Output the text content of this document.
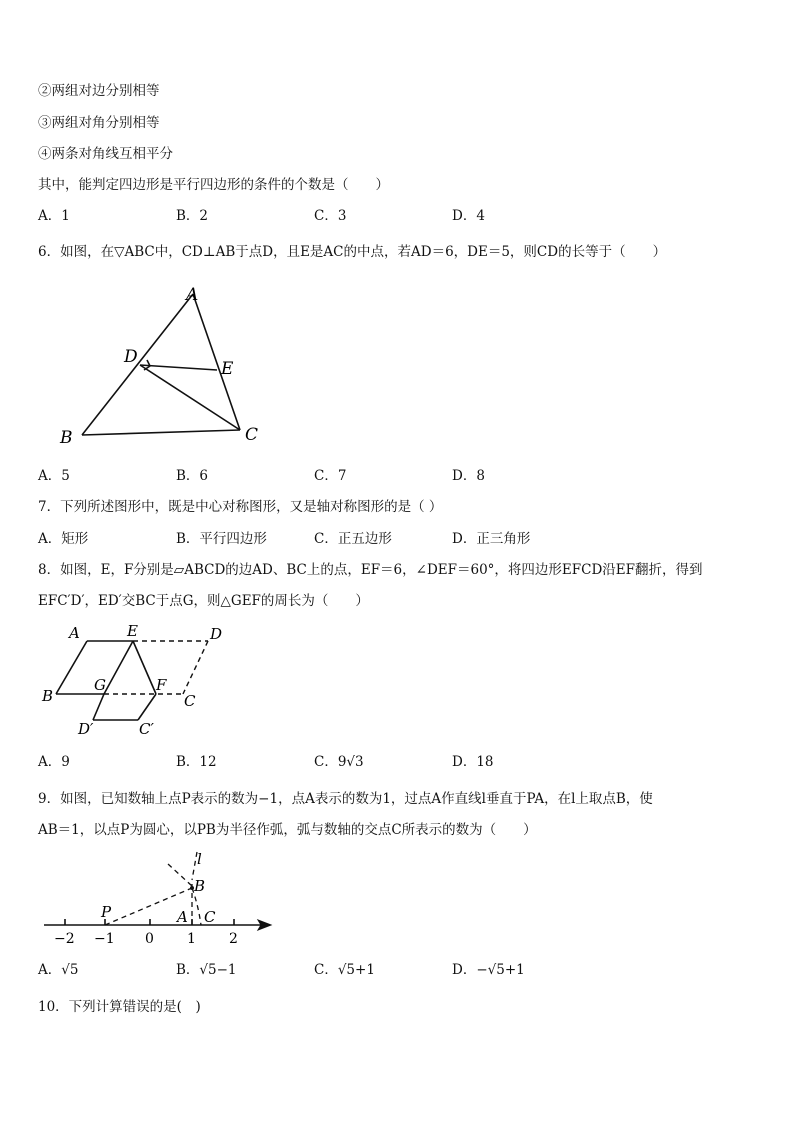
②两组对边分别相等
③两组对角分别相等
④两条对角线互相平分
其中，能判定四边形是平行四边形的条件的个数是（　　）
A．1	B．2	C．3	D．4
6．如图，在▽ABC中，CD⊥AB于点D，且E是AC的中点，若AD＝6，DE＝5，则CD的长等于（　　）
A
D
E
B	C
A．5	B．6	C．7	D．8
7．下列所述图形中，既是中心对称图形，又是轴对称图形的是（ ）
A．矩形	B．平行四边形	C．正五边形	D．正三角形
8．如图，E，F分别是▱ABCD的边AD、BC上的点，EF＝6，∠DEF＝60°，将四边形EFCD沿EF翻折，得到
EFC′D′，ED′交BC于点G，则△GEF的周长为（　　）
A	E	D
B
G	F
C
D′	C′
A．9	B．12	C．9√3	D．18
9．如图，已知数轴上点P表示的数为−1，点A表示的数为1，过点A作直线l垂直于PA，在l上取点B，使
AB＝1，以点P为圆心，以PB为半径作弧，弧与数轴的交点C所表示的数为（　　）
l
B
P	A C
−2 −1 0 1 2
A．√5	B．√5−1	C．√5+1	D．−√5+1
10．下列计算错误的是(　)
